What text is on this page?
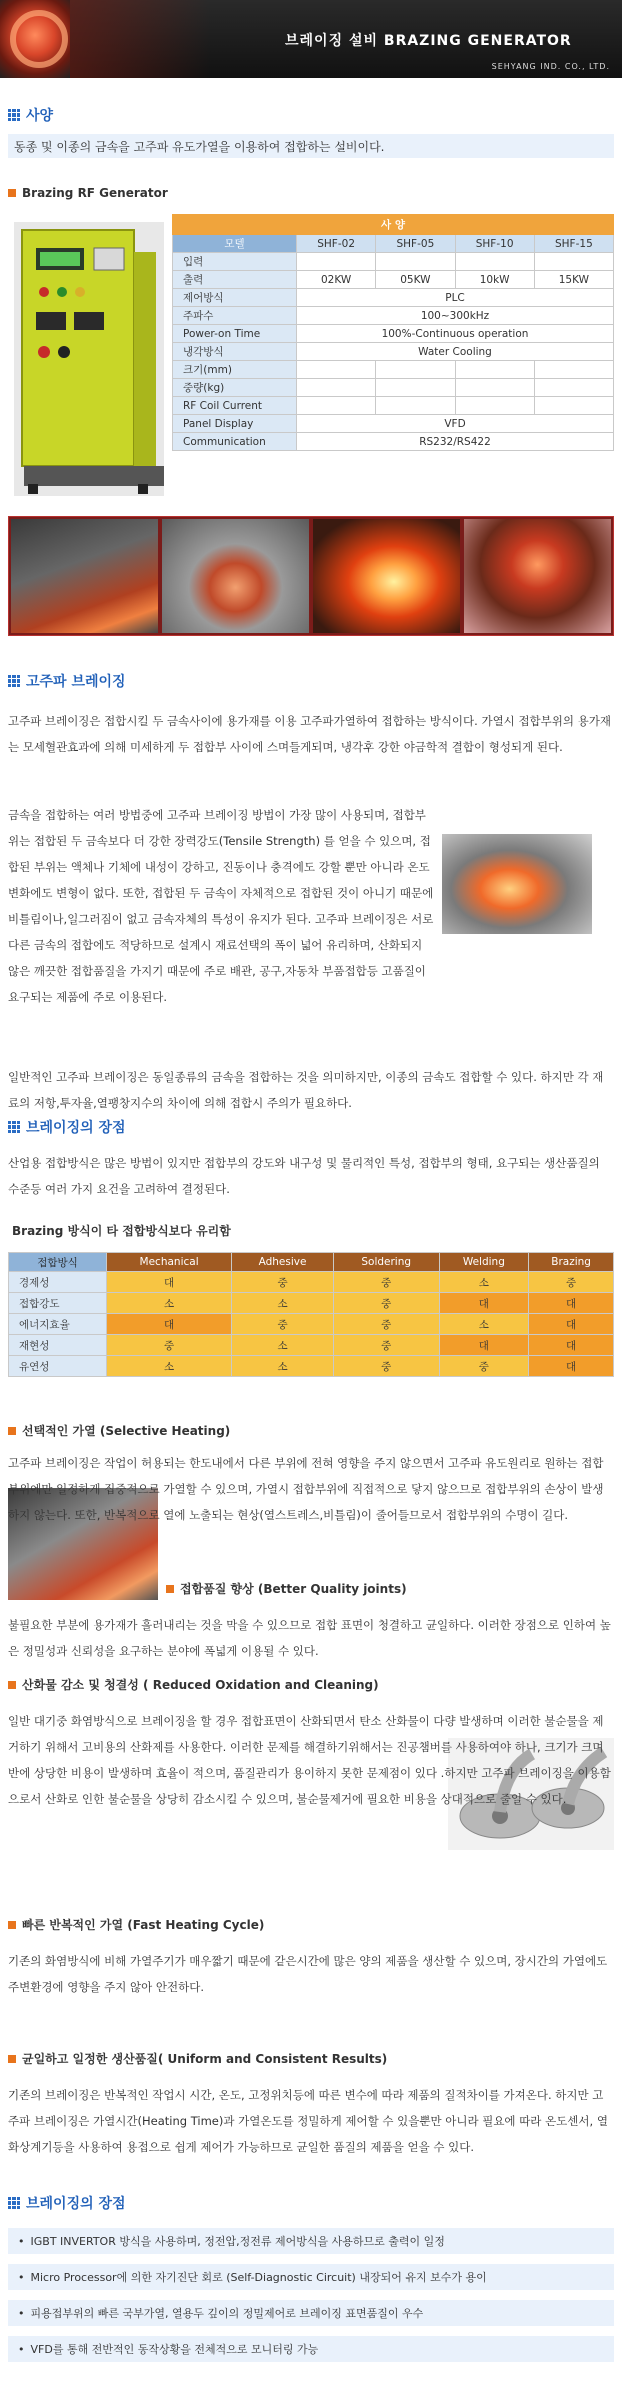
브레이징 설비 BRAZING GENERATOR
SEHYANG IND. CO., LTD.
사양
동종 및 이종의 금속을 고주파 유도가열을 이용하여 접합하는 설비이다.
Brazing RF Generator
사 양				
모델	SHF-02	SHF-05	SHF-10	SHF-15
입력				
출력	02KW	05KW	10kW	15KW
제어방식	PLC			
주파수	100~300kHz			
Power-on Time	100%-Continuous operation			
냉각방식	Water Cooling			
크기(mm)				
중량(kg)				
RF Coil Current				
Panel Display	VFD			
Communication	RS232/RS422			
고주파 브레이징
고주파 브레이징은 접합시킬 두 금속사이에 용가재를 이용 고주파가열하여 접합하는 방식이다. 가열시 접합부위의 용가재는 모세혈관효과에 의해 미세하게 두 접합부 사이에 스며들게되며, 냉각후 강한 야금학적 결합이 형성되게 된다.
금속을 접합하는 여러 방법중에 고주파 브레이징 방법이 가장 많이 사용되며, 접합부위는 접합된 두 금속보다 더 강한 장력강도(Tensile Strength) 를 얻을 수 있으며, 접합된 부위는 액체나 기체에 내성이 강하고, 진동이나 충격에도 강할 뿐만 아니라 온도변화에도 변형이 없다. 또한, 접합된 두 금속이 자체적으로 접합된 것이 아니기 때문에 비틀림이나,일그러짐이 없고 금속자체의 특성이 유지가 된다. 고주파 브레이징은 서로 다른 금속의 접합에도 적당하므로 설계시 재료선택의 폭이 넓어 유리하며, 산화되지 않은 깨끗한 접합품질을 가지기 때문에 주로 배관, 공구,자동차 부품접합등 고품질이 요구되는 제품에 주로 이용된다.
일반적인 고주파 브레이징은 동일종류의 금속을 접합하는 것을 의미하지만, 이종의 금속도 접합할 수 있다. 하지만 각 재료의 저항,투자율,열팽창지수의 차이에 의해 접합시 주의가 필요하다.
브레이징의 장점
산업용 접합방식은 많은 방법이 있지만 접합부의 강도와 내구성 및 물리적인 특성, 접합부의 형태, 요구되는 생산품질의 수준등 여러 가지 요건을 고려하여 결정된다.
Brazing 방식이 타 접합방식보다 유리함
접합방식	Mechanical	Adhesive	Soldering	Welding	Brazing
경제성	대	중	중	소	중
접합강도	소	소	중	대	대
에너지효율	대	중	중	소	대
재현성	중	소	중	대	대
유연성	소	소	중	중	대
선택적인 가열 (Selective Heating)
고주파 브레이징은 작업이 허용되는 한도내에서 다른 부위에 전혀 영향을 주지 않으면서 고주파 유도원리로 원하는 접합부위에만 일정하게 집중적으로 가열할 수 있으며, 가열시 접합부위에 직접적으로 닿지 않으므로 접합부위의 손상이 발생하지 않는다. 또한, 반복적으로 열에 노출되는 현상(열스트레스,비틀림)이 줄어들므로서 접합부위의 수명이 길다.
접합품질 향상 (Better Quality joints)
불필요한 부분에 용가재가 흘러내리는 것을 막을 수 있으므로 접합 표면이 청결하고 균일하다. 이러한 장점으로 인하여 높은 정밀성과 신뢰성을 요구하는 분야에 폭넓게 이용될 수 있다.
산화물 감소 및 청결성 ( Reduced Oxidation and Cleaning)
일반 대기중 화염방식으로 브레이징을 할 경우 접합표면이 산화되면서 탄소 산화물이 다량 발생하며 이러한 불순물을 제거하기 위해서 고비용의 산화제를 사용한다. 이러한 문제를 해결하기위해서는 진공챔버를 사용하여야 하나, 크기가 크며 반에 상당한 비용이 발생하며 효율이 적으며, 품질관리가 용이하지 못한 문제점이 있다 .하지만 고주파 브레이징을 이용함으로서 산화로 인한 불순물을 상당히 감소시킬 수 있으며, 불순물제거에 필요한 비용을 상대적으로 줄일 수 있다.
빠른 반복적인 가열 (Fast Heating Cycle)
기존의 화염방식에 비해 가열주기가 매우짧기 때문에 같은시간에 많은 양의 제품을 생산할 수 있으며, 장시간의 가열에도 주변환경에 영향을 주지 않아 안전하다.
균일하고 일정한 생산품질( Uniform and Consistent Results)
기존의 브레이징은 반복적인 작업시 시간, 온도, 고정위치등에 따른 변수에 따라 제품의 질적차이를 가져온다. 하지만 고주파 브레이징은 가열시간(Heating Time)과 가열온도를 정밀하게 제어할 수 있을뿐만 아니라 필요에 따라 온도센서, 열화상계기등을 사용하여 용접으로 쉽게 제어가 가능하므로 균일한 품질의 제품을 얻을 수 있다.
브레이징의 장점
• IGBT INVERTOR 방식을 사용하며, 정전압,정전류 제어방식을 사용하므로 출력이 일정
• Micro Processor에 의한 자기진단 회로 (Self-Diagnostic Circuit) 내장되어 유지 보수가 용이
• 피용접부위의 빠른 국부가열, 열용두 깊이의 정밀제어로 브레이징 표면품질이 우수
• VFD를 통해 전반적인 동작상황을 전체적으로 모니터링 가능
